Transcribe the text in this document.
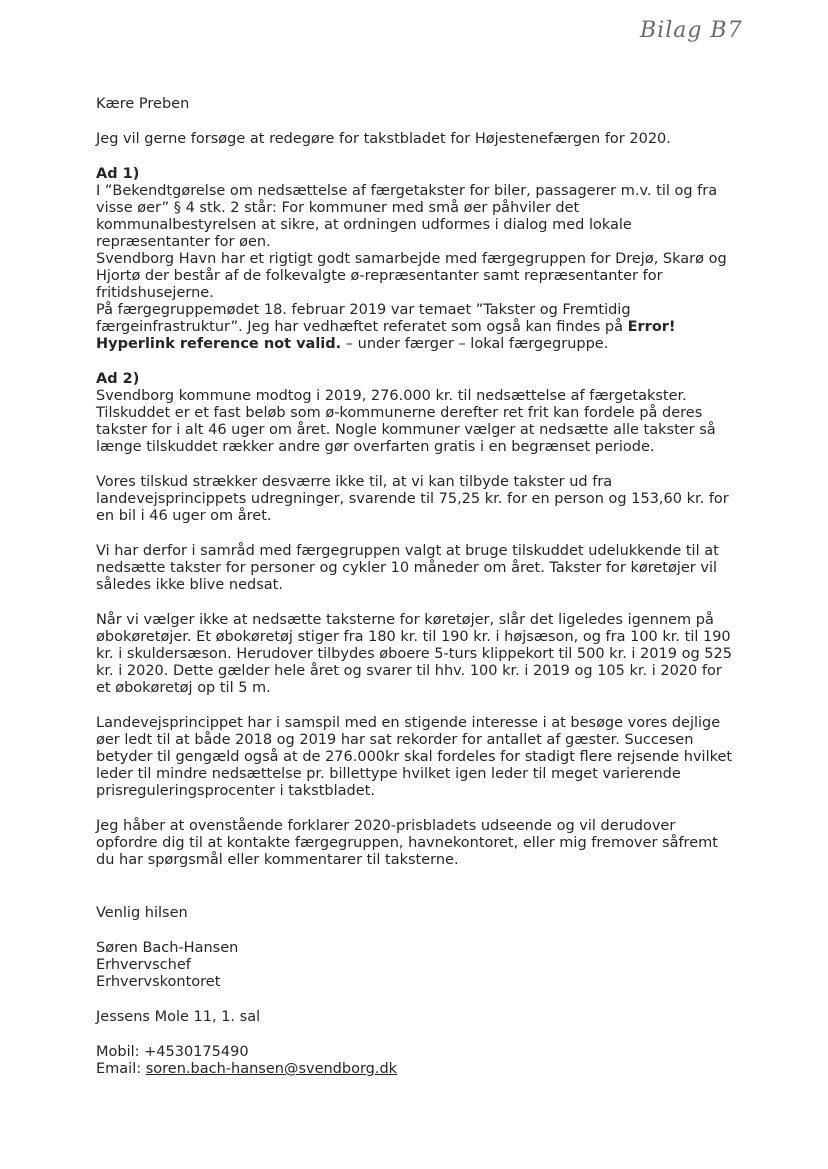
Bilag B7

Kære Preben

Jeg vil gerne forsøge at redegøre for takstbladet for Højestenefærgen for 2020.

Ad 1)

I ”Bekendtgørelse om nedsættelse af færgetakster for biler, passagerer m.v. til og fra visse øer” § 4 stk. 2 står: For kommuner med små øer påhviler det kommunalbestyrelsen at sikre, at ordningen udformes i dialog med lokale repræsentanter for øen.

Svendborg Havn har et rigtigt godt samarbejde med færgegruppen for Drejø, Skarø og Hjortø der består af de folkevalgte ø-repræsentanter samt repræsentanter for fritidshusejerne.

På færgegruppemødet 18. februar 2019 var temaet ”Takster og Fremtidig færgeinfrastruktur”. Jeg har vedhæftet referatet som også kan findes på Error! Hyperlink reference not valid. – under færger – lokal færgegruppe.

Ad 2)

Svendborg kommune modtog i 2019, 276.000 kr. til nedsættelse af færgetakster. Tilskuddet er et fast beløb som ø-kommunerne derefter ret frit kan fordele på deres takster for i alt 46 uger om året. Nogle kommuner vælger at nedsætte alle takster så længe tilskuddet rækker andre gør overfarten gratis i en begrænset periode.

Vores tilskud strækker desværre ikke til, at vi kan tilbyde takster ud fra landevejsprincippets udregninger, svarende til 75,25 kr. for en person og 153,60 kr. for en bil i 46 uger om året.

Vi har derfor i samråd med færgegruppen valgt at bruge tilskuddet udelukkende til at nedsætte takster for personer og cykler 10 måneder om året. Takster for køretøjer vil således ikke blive nedsat.

Når vi vælger ikke at nedsætte taksterne for køretøjer, slår det ligeledes igennem på øbokøretøjer. Et øbokøretøj stiger fra 180 kr. til 190 kr. i højsæson, og fra 100 kr. til 190 kr. i skuldersæson. Herudover tilbydes øboere 5-turs klippekort til 500 kr. i 2019 og 525 kr. i 2020. Dette gælder hele året og svarer til hhv. 100 kr. i 2019 og 105 kr. i 2020 for et øbokøretøj op til 5 m.

Landevejsprincippet har i samspil med en stigende interesse i at besøge vores dejlige øer ledt til at både 2018 og 2019 har sat rekorder for antallet af gæster. Succesen betyder til gengæld også at de 276.000kr skal fordeles for stadigt flere rejsende hvilket leder til mindre nedsættelse pr. billettype hvilket igen leder til meget varierende prisreguleringsprocenter i takstbladet.

Jeg håber at ovenstående forklarer 2020-prisbladets udseende og vil derudover opfordre dig til at kontakte færgegruppen, havnekontoret, eller mig fremover såfremt du har spørgsmål eller kommentarer til taksterne.

Venlig hilsen

Søren Bach-Hansen

Erhvervschef

Erhvervskontoret

Jessens Mole 11, 1. sal

Mobil: +4530175490

Email: soren.bach-hansen@svendborg.dk
